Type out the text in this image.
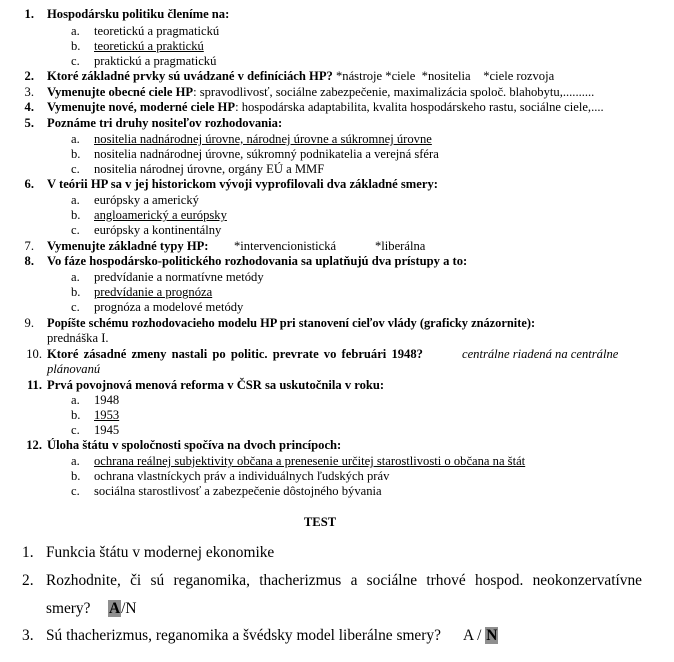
1. Hospodársku politiku členíme na:
a. teoretickú a pragmatickú
b. teoretickú a praktickú
c. praktickú a pragmatickú
2. Ktoré základné prvky sú uvádzané v definíciách HP? *nástroje *ciele  *nositelia    *ciele rozvoja
3. Vymenujte obecné ciele HP: spravodlivosť, sociálne zabezpečenie, maximalizácia spoloč. blahobytu,..........
4. Vymenujte nové, moderné ciele HP: hospodárska adaptabilita, kvalita hospodárskeho rastu, sociálne ciele,....
5. Poznáme tri druhy nositeľov rozhodovania:
a. nositelia nadnárodnej úrovne, národnej úrovne a súkromnej úrovne
b. nositelia nadnárodnej úrovne, súkromný podnikatelia a verejná sféra
c. nositelia národnej úrovne, orgány EÚ a MMF
6. V teórii HP sa v jej historickom vývoji vyprofilovali dva základné smery:
a. európsky a americký
b. angloamerický a európsky
c. európsky a kontinentálny
7. Vymenujte základné typy HP: *intervencionistická	*liberálna
8. Vo fáze hospodársko-politického rozhodovania sa uplatňujú dva prístupy a to:
a. predvídanie a normatívne metódy
b. predvídanie a prognóza
c. prognóza a modelové metódy
9. Popíšte schému rozhodovacieho modelu HP pri stanovení cieľov vlády (graficky znázornite):
prednáška I.
10. Ktoré zásadné zmeny nastali po politic. prevrate vo februári 1948?	centrálne riadená na centrálne
plánovanú
11. Prvá povojnová menová reforma v ČSR sa uskutočnila v roku:
a. 1948
b. 1953
c. 1945
12. Úloha štátu v spoločnosti spočíva na dvoch princípoch:
a. ochrana reálnej subjektivity občana a prenesenie určitej starostlivosti o občana na štát
b. ochrana vlastníckych práv a individuálnych ľudských práv
c. sociálna starostlivosť a zabezpečenie dôstojného bývania
TEST
1. Funkcia štátu v modernej ekonomike
2. Rozhodnite, či sú reganomika, thacherizmus a sociálne trhové hospod. neokonzervatívne
smery? A/N
3. Sú thacherizmus, reganomika a švédsky model liberálne smery? A / N
